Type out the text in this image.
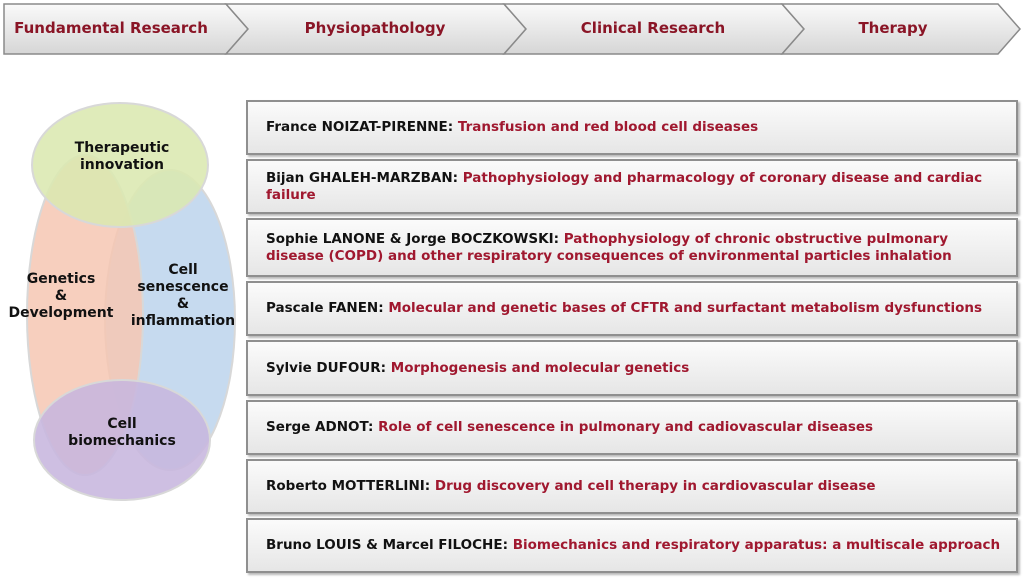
Fundamental Research	Physiopathology	Clinical Research	Therapy
Therapeutic
innovation
Genetics
&
Development
Cell
senescence
&
inflammation
Cell
biomechanics
France NOIZAT-PIRENNE: Transfusion and red blood cell diseases
Bijan GHALEH-MARZBAN: Pathophysiology and pharmacology of coronary disease and cardiac failure
Sophie LANONE & Jorge BOCZKOWSKI: Pathophysiology of chronic obstructive pulmonary disease (COPD) and other respiratory consequences of environmental particles inhalation
Pascale FANEN: Molecular and genetic bases of CFTR and surfactant metabolism dysfunctions
Sylvie DUFOUR: Morphogenesis and molecular genetics
Serge ADNOT: Role of cell senescence in pulmonary and cadiovascular diseases
Roberto MOTTERLINI: Drug discovery and cell therapy in cardiovascular disease
Bruno LOUIS & Marcel FILOCHE: Biomechanics and respiratory apparatus: a multiscale approach
